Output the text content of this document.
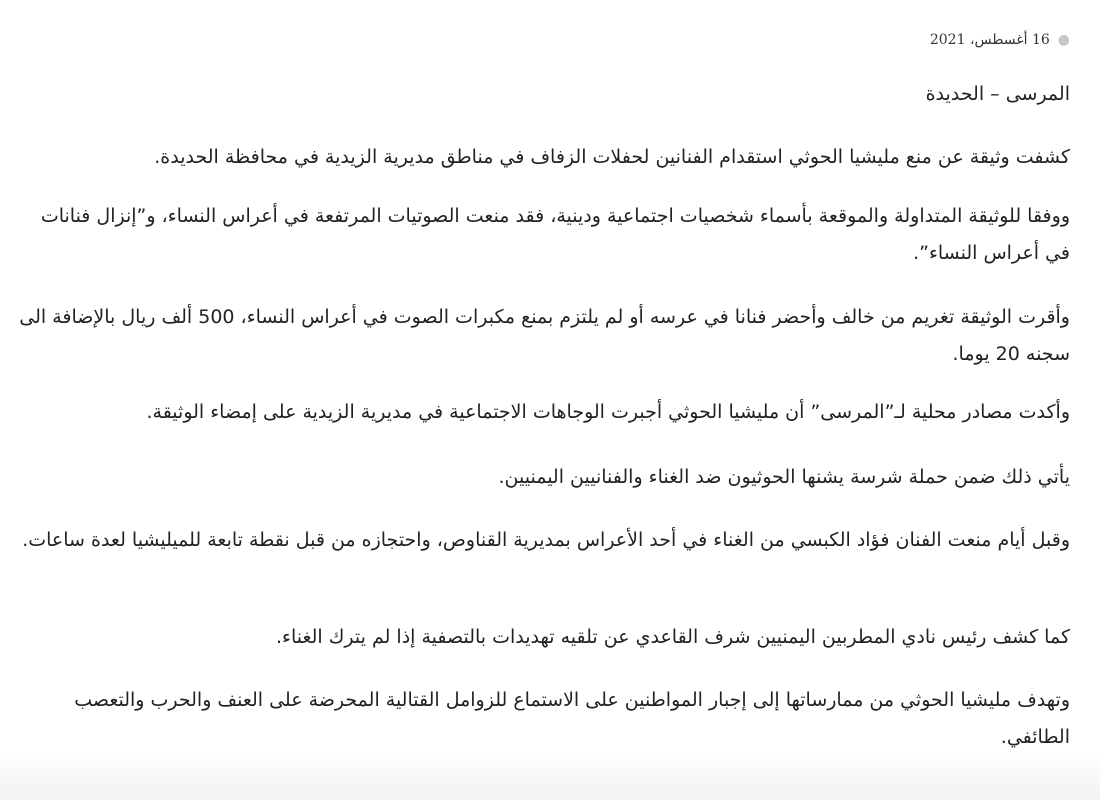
●
16 أغسطس، 2021

المرسى – الحديدة

كشفت وثيقة عن منع مليشيا الحوثي استقدام الفنانين لحفلات الزفاف في مناطق مديرية الزيدية في محافظة الحديدة.

ووفقا للوثيقة المتداولة والموقعة بأسماء شخصيات اجتماعية ودينية، فقد منعت الصوتيات المرتفعة في أعراس النساء، و”إنزال فنانات في أعراس النساء”.

وأقرت الوثيقة تغريم من خالف وأحضر فنانا في عرسه أو لم يلتزم بمنع مكبرات الصوت في أعراس النساء، 500 ألف ريال بالإضافة الى سجنه 20 يوما.

وأكدت مصادر محلية لـ”المرسى” أن مليشيا الحوثي أجبرت الوجاهات الاجتماعية في مديرية الزيدية على إمضاء الوثيقة.

يأتي ذلك ضمن حملة شرسة يشنها الحوثيون ضد الغناء والفنانيين اليمنيين.

وقبل أيام منعت الفنان فؤاد الكبسي من الغناء في أحد الأعراس بمديرية القناوص، واحتجازه من قبل نقطة تابعة للميليشيا لعدة ساعات.

كما كشف رئيس نادي المطربين اليمنيين شرف القاعدي عن تلقيه تهديدات بالتصفية إذا لم يترك الغناء.

وتهدف مليشيا الحوثي من ممارساتها إلى إجبار المواطنين على الاستماع للزوامل القتالية المحرضة على العنف والحرب والتعصب الطائفي.
